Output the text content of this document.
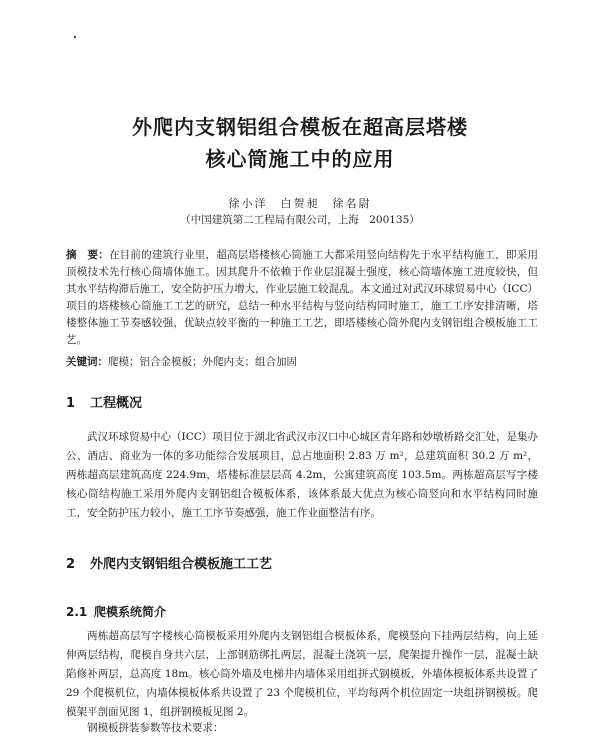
外爬内支钢铝组合模板在超高层塔楼
核心筒施工中的应用
徐小洋　白贺昶　徐名尉
（中国建筑第二工程局有限公司，上海　200135）
摘　要：在目前的建筑行业里，超高层塔楼核心筒施工大都采用竖向结构先于水平结构施工，即采用顶模技术先行核心筒墙体施工。因其爬升不依赖于作业层混凝土强度，核心筒墙体施工进度较快，但其水平结构滞后施工，安全防护压力增大，作业层施工较混乱。本文通过对武汉环球贸易中心（ICC）项目的塔楼核心筒施工工艺的研究，总结一种水平结构与竖向结构同时施工，施工工序安排清晰，塔楼整体施工节奏感较强，优缺点较平衡的一种施工工艺，即塔楼核心筒外爬内支钢铝组合模板施工工艺。
关键词：爬模；铝合金模板；外爬内支；组合加固
1 工程概况
武汉环球贸易中心（ICC）项目位于湖北省武汉市汉口中心城区青年路和妙墩桥路交汇处，是集办公、酒店、商业为一体的多功能综合发展项目，总占地面积 2.83 万 m²，总建筑面积 30.2 万 m²，两栋超高层建筑高度 224.9m，塔楼标准层层高 4.2m，公寓建筑高度 103.5m。两栋超高层写字楼核心筒结构施工采用外爬内支钢铝组合模板体系，该体系最大优点为核心筒竖向和水平结构同时施工，安全防护压力较小，施工工序节奏感强，施工作业面整洁有序。
2 外爬内支钢铝组合模板施工工艺
2.1 爬模系统简介
两栋超高层写字楼核心筒模板采用外爬内支钢铝组合模板体系，爬模竖向下挂两层结构，向上延伸两层结构，爬模自身共六层，上部钢筋绑扎两层，混凝土浇筑一层，爬架提升操作一层，混凝土缺陷修补两层，总高度 18m。核心筒外墙及电梯井内墙体采用组拼式钢模板，外墙体模板体系共设置了 29 个爬模机位，内墙体模板体系共设置了 23 个爬模机位，平均每两个机位固定一块组拼钢模板。爬模架平剖面见图 1，组拼钢模板见图 2。
钢模板拼装参数等技术要求：
